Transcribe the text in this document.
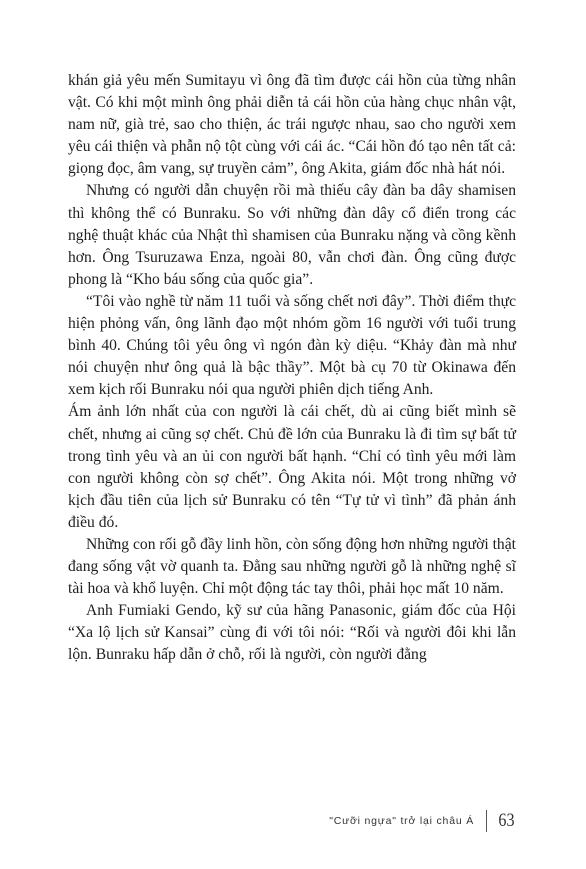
khán giả yêu mến Sumitayu vì ông đã tìm được cái hồn của từng nhân vật. Có khi một mình ông phải diễn tả cái hồn của hàng chục nhân vật, nam nữ, già trẻ, sao cho thiện, ác trái ngược nhau, sao cho người xem yêu cái thiện và phẫn nộ tột cùng với cái ác. “Cái hồn đó tạo nên tất cả: giọng đọc, âm vang, sự truyền cảm”, ông Akita, giám đốc nhà hát nói.

Nhưng có người dẫn chuyện rồi mà thiếu cây đàn ba dây shamisen thì không thể có Bunraku. So với những đàn dây cổ điển trong các nghệ thuật khác của Nhật thì shamisen của Bunraku nặng và cồng kềnh hơn. Ông Tsuruzawa Enza, ngoài 80, vẫn chơi đàn. Ông cũng được phong là “Kho báu sống của quốc gia”.

“Tôi vào nghề từ năm 11 tuổi và sống chết nơi đây”. Thời điểm thực hiện phỏng vấn, ông lãnh đạo một nhóm gồm 16 người với tuổi trung bình 40. Chúng tôi yêu ông vì ngón đàn kỳ diệu. “Khảy đàn mà như nói chuyện như ông quả là bậc thầy”. Một bà cụ 70 từ Okinawa đến xem kịch rối Bunraku nói qua người phiên dịch tiếng Anh.

Ám ảnh lớn nhất của con người là cái chết, dù ai cũng biết mình sẽ chết, nhưng ai cũng sợ chết. Chủ đề lớn của Bunraku là đi tìm sự bất tử trong tình yêu và an ủi con người bất hạnh. “Chỉ có tình yêu mới làm con người không còn sợ chết”. Ông Akita nói. Một trong những vở kịch đầu tiên của lịch sử Bunraku có tên “Tự tử vì tình” đã phản ánh điều đó.

Những con rối gỗ đầy linh hồn, còn sống động hơn những người thật đang sống vật vờ quanh ta. Đằng sau những người gỗ là những nghệ sĩ tài hoa và khổ luyện. Chỉ một động tác tay thôi, phải học mất 10 năm.

Anh Fumiaki Gendo, kỹ sư của hãng Panasonic, giám đốc của Hội “Xa lộ lịch sử Kansai” cùng đi với tôi nói: “Rối và người đôi khi lẫn lộn. Bunraku hấp dẫn ở chỗ, rối là người, còn người đằng

"Cưỡi ngựa" trở lại châu Á 63
